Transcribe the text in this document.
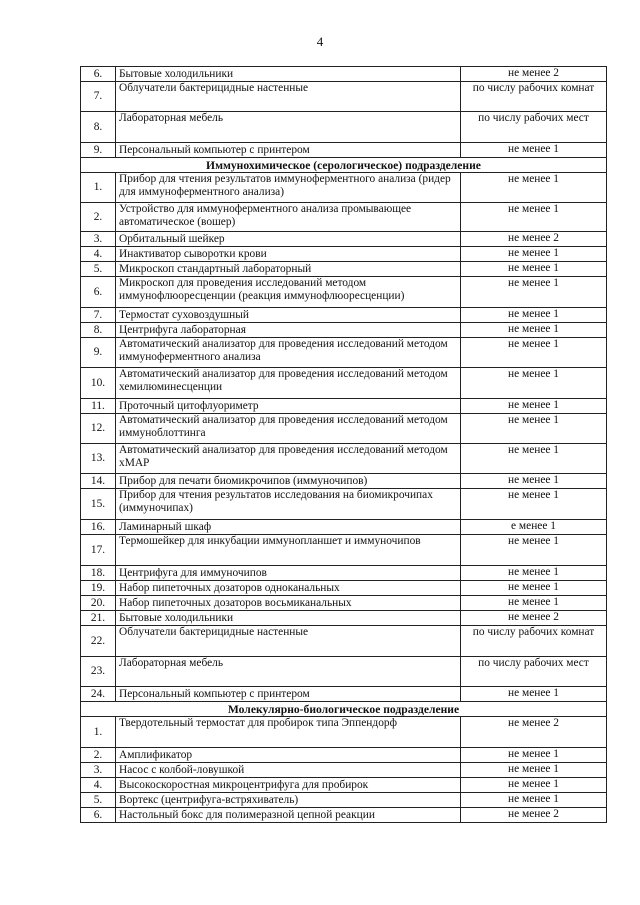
4
6.	Бытовые холодильники	не менее 2
7.	Облучатели бактерицидные настенные	по числу рабочих комнат
8.	Лабораторная мебель	по числу рабочих мест
9.	Персональный компьютер с принтером	не менее 1
Иммунохимическое (серологическое) подразделение		
1.	Прибор для чтения результатов иммуноферментного анализа (ридер для иммуноферментного анализа)	не менее 1
2.	Устройство для иммуноферментного анализа промывающее автоматическое (вошер)	не менее 1
3.	Орбитальный шейкер	не менее 2
4.	Инактиватор сыворотки крови	не менее 1
5.	Микроскоп стандартный лабораторный	не менее 1
6.	Микроскоп для проведения исследований методом иммунофлюоресценции (реакция иммунофлюоресценции)	не менее 1
7.	Термостат суховоздушный	не менее 1
8.	Центрифуга лабораторная	не менее 1
9.	Автоматический анализатор для проведения исследований методом иммуноферментного анализа	не менее 1
10.	Автоматический анализатор для проведения исследований методом хемилюминесценции	не менее 1
11.	Проточный цитофлуориметр	не менее 1
12.	Автоматический анализатор для проведения исследований методом иммуноблоттинга	не менее 1
13.	Автоматический анализатор для проведения исследований методом xMAP	не менее 1
14.	Прибор для печати биомикрочипов (иммуночипов)	не менее 1
15.	Прибор для чтения результатов исследования на биомикрочипах (иммуночипах)	не менее 1
16.	Ламинарный шкаф	е менее 1
17.	Термошейкер для инкубации иммунопланшет и иммуночипов	не менее 1
18.	Центрифуга для иммуночипов	не менее 1
19.	Набор пипеточных дозаторов одноканальных	не менее 1
20.	Набор пипеточных дозаторов восьмиканальных	не менее 1
21.	Бытовые холодильники	не менее 2
22.	Облучатели бактерицидные настенные	по числу рабочих комнат
23.	Лабораторная мебель	по числу рабочих мест
24.	Персональный компьютер с принтером	не менее 1
Молекулярно-биологическое подразделение		
1.	Твердотельный термостат для пробирок типа Эппендорф	не менее 2
2.	Амплификатор	не менее 1
3.	Насос с колбой-ловушкой	не менее 1
4.	Высокоскоростная микроцентрифуга для пробирок	не менее 1
5.	Вортекс (центрифуга-встряхиватель)	не менее 1
6.	Настольный бокс для полимеразной цепной реакции	не менее 2
